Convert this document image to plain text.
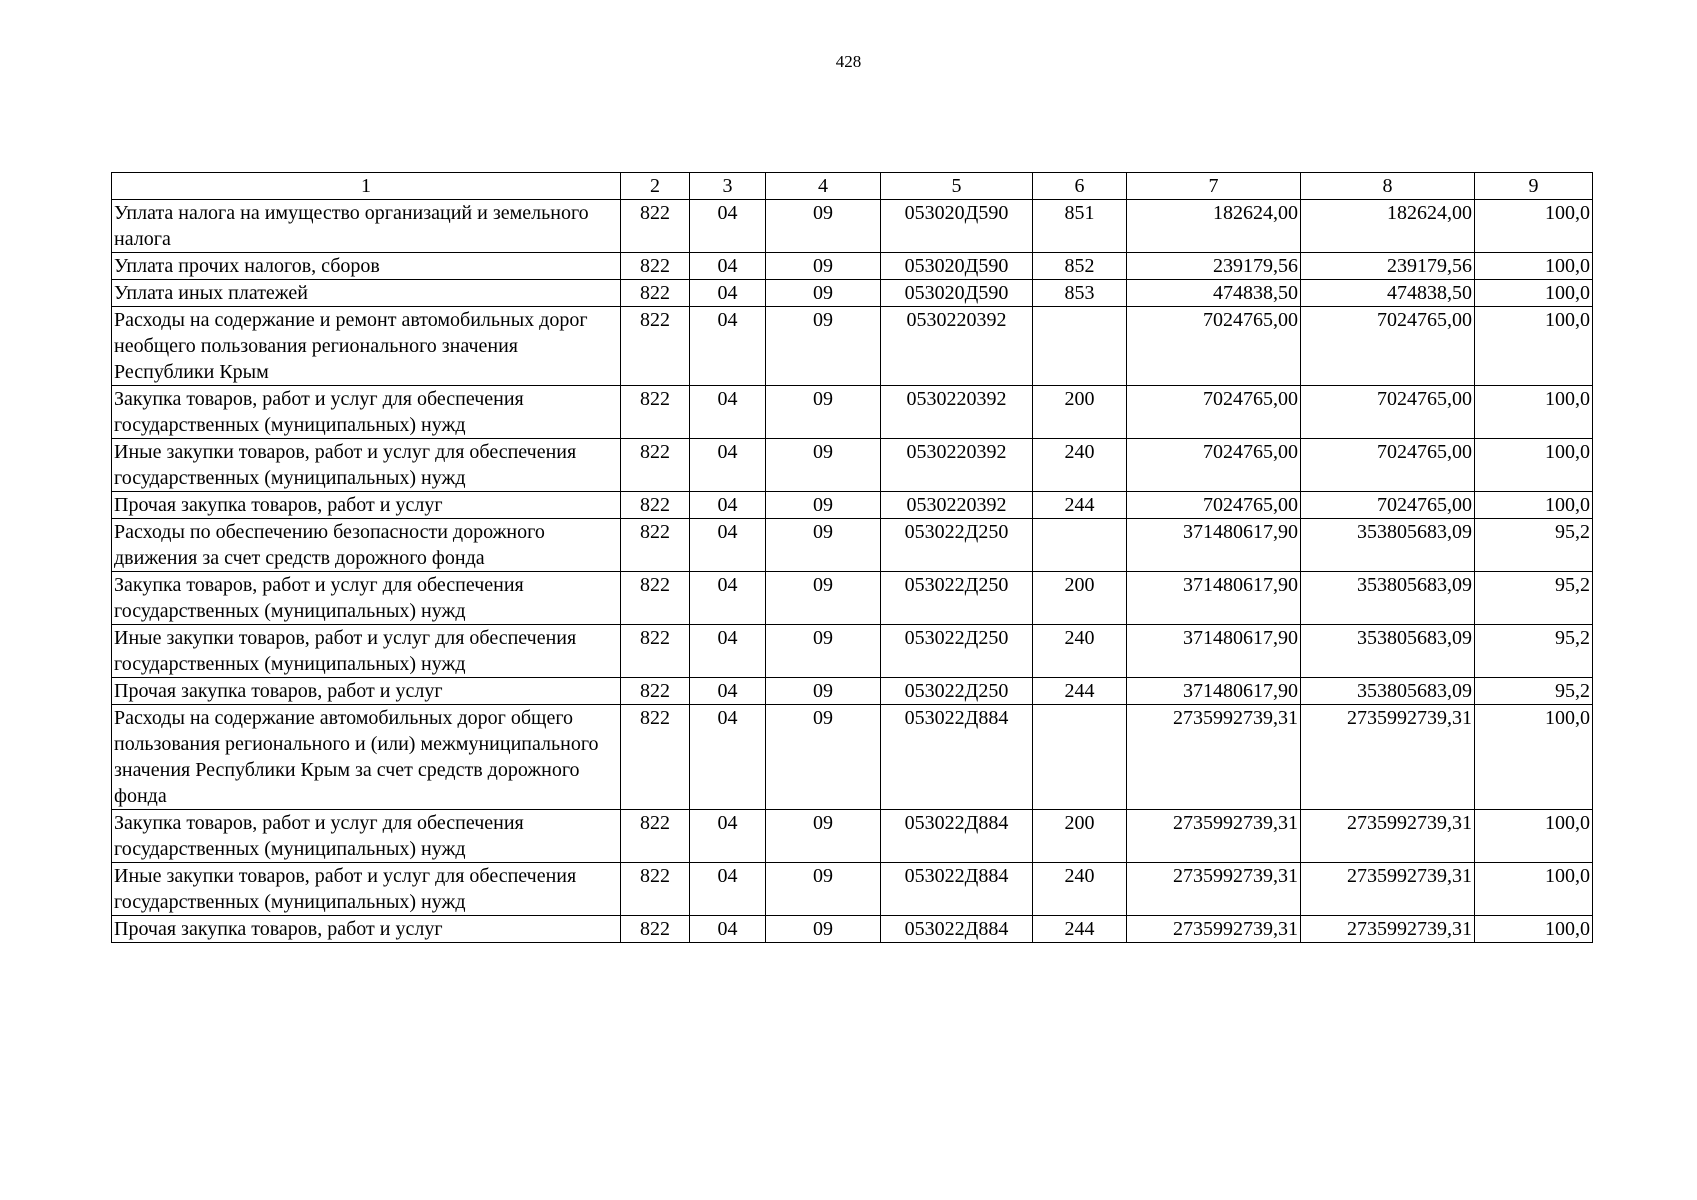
428
1	2	3	4	5	6	7	8	9
Уплата налога на имущество организаций и земельного налога	822	04	09	053020Д590	851	182624,00	182624,00	100,0
Уплата прочих налогов, сборов	822	04	09	053020Д590	852	239179,56	239179,56	100,0
Уплата иных платежей	822	04	09	053020Д590	853	474838,50	474838,50	100,0
Расходы на содержание и ремонт автомобильных дорог необщего пользования регионального значения Республики Крым	822	04	09	0530220392		7024765,00	7024765,00	100,0
Закупка товаров, работ и услуг для обеспечения государственных (муниципальных) нужд	822	04	09	0530220392	200	7024765,00	7024765,00	100,0
Иные закупки товаров, работ и услуг для обеспечения государственных (муниципальных) нужд	822	04	09	0530220392	240	7024765,00	7024765,00	100,0
Прочая закупка товаров, работ и услуг	822	04	09	0530220392	244	7024765,00	7024765,00	100,0
Расходы по обеспечению безопасности дорожного движения за счет средств дорожного фонда	822	04	09	053022Д250		371480617,90	353805683,09	95,2
Закупка товаров, работ и услуг для обеспечения государственных (муниципальных) нужд	822	04	09	053022Д250	200	371480617,90	353805683,09	95,2
Иные закупки товаров, работ и услуг для обеспечения государственных (муниципальных) нужд	822	04	09	053022Д250	240	371480617,90	353805683,09	95,2
Прочая закупка товаров, работ и услуг	822	04	09	053022Д250	244	371480617,90	353805683,09	95,2
Расходы на содержание автомобильных дорог общего пользования регионального и (или) межмуниципального значения Республики Крым за счет средств дорожного фонда	822	04	09	053022Д884		2735992739,31	2735992739,31	100,0
Закупка товаров, работ и услуг для обеспечения государственных (муниципальных) нужд	822	04	09	053022Д884	200	2735992739,31	2735992739,31	100,0
Иные закупки товаров, работ и услуг для обеспечения государственных (муниципальных) нужд	822	04	09	053022Д884	240	2735992739,31	2735992739,31	100,0
Прочая закупка товаров, работ и услуг	822	04	09	053022Д884	244	2735992739,31	2735992739,31	100,0
